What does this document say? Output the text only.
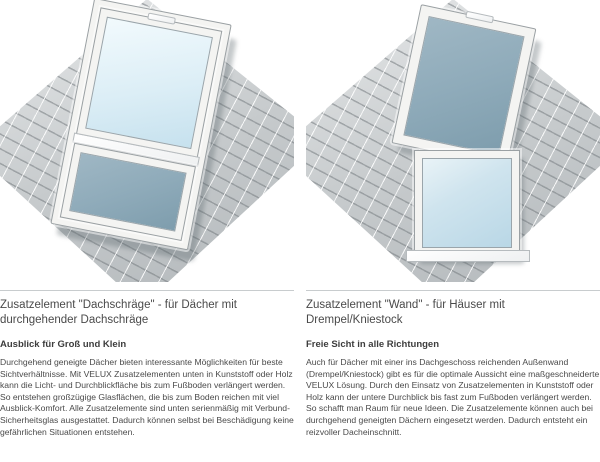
Zusatzelement "Dachschräge" - für Dächer mit durchgehender Dachschräge
Ausblick für Groß und Klein

Durchgehend geneigte Dächer bieten interessante Möglichkeiten für beste Sichtverhältnisse. Mit VELUX Zusatzelementen unten in Kunststoff oder Holz kann die Licht- und Durchblickfläche bis zum Fußboden verlängert werden. So entstehen großzügige Glasflächen, die bis zum Boden reichen mit viel Ausblick-Komfort. Alle Zusatzelemente sind unten serienmäßig mit Verbund-Sicherheitsglas ausgestattet. Dadurch können selbst bei Beschädigung keine gefährlichen Situationen entstehen.

Zusatzelement "Wand" - für Häuser mit Drempel/Kniestock
Freie Sicht in alle Richtungen

Auch für Dächer mit einer ins Dachgeschoss reichenden Außenwand (Drempel/Kniestock) gibt es für die optimale Aussicht eine maßgeschneiderte VELUX Lösung. Durch den Einsatz von Zusatzelementen in Kunststoff oder Holz kann der untere Durchblick bis fast zum Fußboden verlängert werden. So schafft man Raum für neue Ideen. Die Zusatzelemente können auch bei durchgehend geneigten Dächern eingesetzt werden. Dadurch entsteht ein reizvoller Dacheinschnitt.
